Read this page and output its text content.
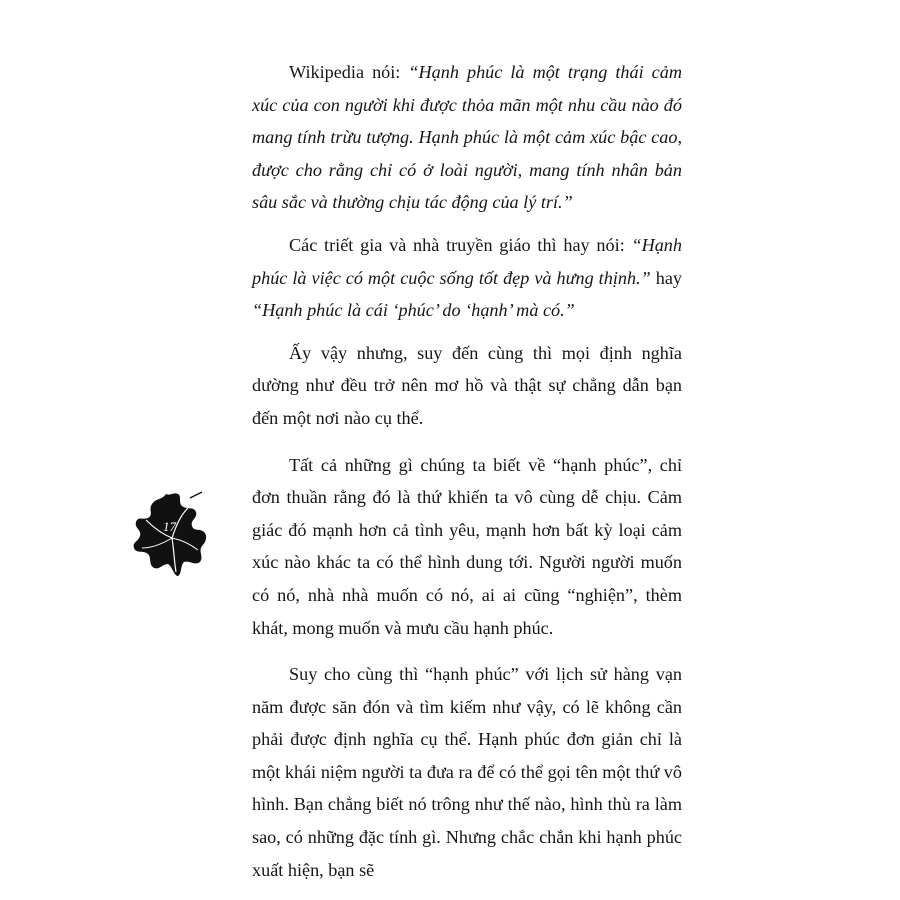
Wikipedia nói: “Hạnh phúc là một trạng thái cảm xúc của con người khi được thỏa mãn một nhu cầu nào đó mang tính trừu tượng. Hạnh phúc là một cảm xúc bậc cao, được cho rằng chỉ có ở loài người, mang tính nhân bản sâu sắc và thường chịu tác động của lý trí.”

Các triết gia và nhà truyền giáo thì hay nói: “Hạnh phúc là việc có một cuộc sống tốt đẹp và hưng thịnh.” hay “Hạnh phúc là cái ‘phúc’ do ‘hạnh’ mà có.”

Ấy vậy nhưng, suy đến cùng thì mọi định nghĩa dường như đều trở nên mơ hồ và thật sự chẳng dẫn bạn đến một nơi nào cụ thể.

Tất cả những gì chúng ta biết về “hạnh phúc”, chỉ đơn thuần rằng đó là thứ khiến ta vô cùng dễ chịu. Cảm giác đó mạnh hơn cả tình yêu, mạnh hơn bất kỳ loại cảm xúc nào khác ta có thể hình dung tới. Người người muốn có nó, nhà nhà muốn có nó, ai ai cũng “nghiện”, thèm khát, mong muốn và mưu cầu hạnh phúc.

Suy cho cùng thì “hạnh phúc” với lịch sử hàng vạn năm được săn đón và tìm kiếm như vậy, có lẽ không cần phải được định nghĩa cụ thể. Hạnh phúc đơn giản chỉ là một khái niệm người ta đưa ra để có thể gọi tên một thứ vô hình. Bạn chẳng biết nó trông như thế nào, hình thù ra làm sao, có những đặc tính gì. Nhưng chắc chắn khi hạnh phúc xuất hiện, bạn sẽ

17
